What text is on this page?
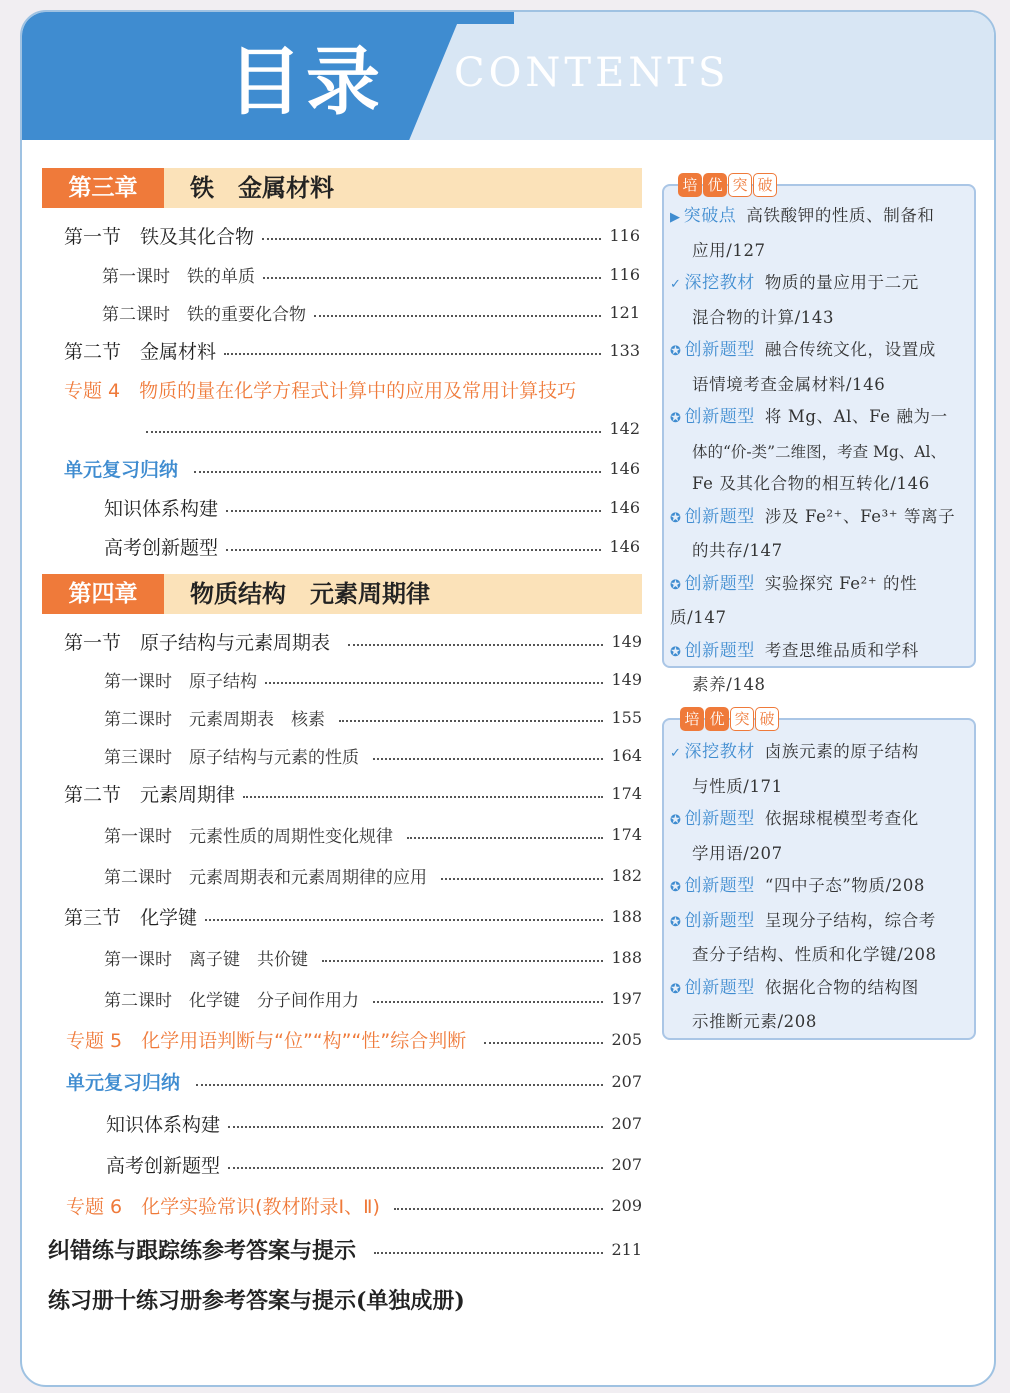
目录 CONTENTS
第三章	铁　金属材料
第一节　铁及其化合物	116
第一课时　铁的单质	116
第二课时　铁的重要化合物	121
第二节　金属材料	133
专题 4　物质的量在化学方程式计算中的应用及常用计算技巧
142
单元复习归纳	146
知识体系构建	146
高考创新题型	146
第四章	物质结构　元素周期律
第一节　原子结构与元素周期表	149
第一课时　原子结构	149
第二课时　元素周期表　核素	155
第三课时　原子结构与元素的性质	164
第二节　元素周期律	174
第一课时　元素性质的周期性变化规律	174
第二课时　元素周期表和元素周期律的应用	182
第三节　化学键	188
第一课时　离子键　共价键	188
第二课时　化学键　分子间作用力	197
专题 5　化学用语判断与“位”“构”“性”综合判断	205
单元复习归纳	207
知识体系构建	207
高考创新题型	207
专题 6　化学实验常识(教材附录Ⅰ、Ⅱ)	209
纠错练与跟踪练参考答案与提示	211
练习册十练习册参考答案与提示(单独成册)
培 优 突 破
▶ 突破点 高铁酸钾的性质、制备和
应用/127
✓ 深挖教材 物质的量应用于二元
混合物的计算/143
✪ 创新题型 融合传统文化，设置成
语情境考查金属材料/146
✪ 创新题型 将 Mg、Al、Fe 融为一
体的“价-类”二维图，考查 Mg、Al、
Fe 及其化合物的相互转化/146
✪ 创新题型 涉及 Fe²⁺、Fe³⁺ 等离子
的共存/147
✪ 创新题型 实验探究 Fe²⁺ 的性质/147
✪ 创新题型 考查思维品质和学科
素养/148
培 优 突 破
✓ 深挖教材 卤族元素的原子结构
与性质/171
✪ 创新题型 依据球棍模型考查化
学用语/207
✪ 创新题型 “四中子态”物质/208
✪ 创新题型 呈现分子结构，综合考
查分子结构、性质和化学键/208
✪ 创新题型 依据化合物的结构图
示推断元素/208
